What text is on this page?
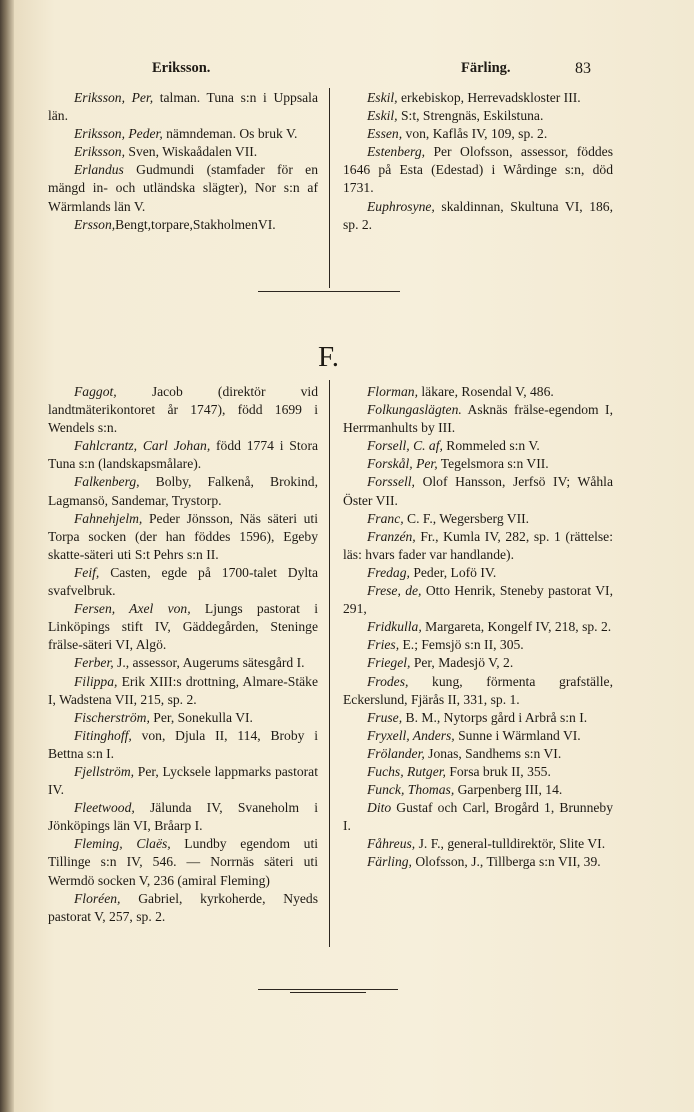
Eriksson.	Färling.	83

Eriksson, Per, talman. Tuna s:n i Uppsala län.

Eriksson, Peder, nämndeman. Os bruk V.

Eriksson, Sven, Wiskaådalen VII.

Erlandus Gudmundi (stamfader för en mängd in- och utländska slägter), Nor s:n af Wärmlands län V.

Ersson,Bengt,torpare,StakholmenVI.

Eskil, erkebiskop, Herrevadskloster III.

Eskil, S:t, Strengnäs, Eskilstuna.

Essen, von, Kaflås IV, 109, sp. 2.

Estenberg, Per Olofsson, assessor, föddes 1646 på Esta (Edestad) i Wårdinge s:n, död 1731.

Euphrosyne, skaldinnan, Skultuna VI, 186, sp. 2.

F.

Faggot, Jacob (direktör vid landtmäterikontoret år 1747), född 1699 i Wendels s:n.

Fahlcrantz, Carl Johan, född 1774 i Stora Tuna s:n (landskapsmålare).

Falkenberg, Bolby, Falkenå, Brokind, Lagmansö, Sandemar, Trystorp.

Fahnehjelm, Peder Jönsson, Näs säteri uti Torpa socken (der han föddes 1596), Egeby skatte-säteri uti S:t Pehrs s:n II.

Feif, Casten, egde på 1700-talet Dylta svafvelbruk.

Fersen, Axel von, Ljungs pastorat i Linköpings stift IV, Gäddegården, Steninge frälse-säteri VI, Algö.

Ferber, J., assessor, Augerums sätesgård I.

Filippa, Erik XIII:s drottning, Almare-Stäke I, Wadstena VII, 215, sp. 2.

Fischerström, Per, Sonekulla VI.

Fitinghoff, von, Djula II, 114, Broby i Bettna s:n I.

Fjellström, Per, Lycksele lappmarks pastorat IV.

Fleetwood, Jälunda IV, Svaneholm i Jönköpings län VI, Bråarp I.

Fleming, Claës, Lundby egendom uti Tillinge s:n IV, 546. — Norrnäs säteri uti Wermdö socken V, 236 (amiral Fleming)

Floréen, Gabriel, kyrkoherde, Nyeds pastorat V, 257, sp. 2.

Florman, läkare, Rosendal V, 486.

Folkungaslägten. Asknäs frälse-egendom I, Herrmanhults by III.

Forsell, C. af, Rommeled s:n V.

Forskål, Per, Tegelsmora s:n VII.

Forssell, Olof Hansson, Jerfsö IV; Wåhla Öster VII.

Franc, C. F., Wegersberg VII.

Franzén, Fr., Kumla IV, 282, sp. 1 (rättelse: läs: hvars fader var handlande).

Fredag, Peder, Lofö IV.

Frese, de, Otto Henrik, Steneby pastorat VI, 291,

Fridkulla, Margareta, Kongelf IV, 218, sp. 2.

Fries, E.; Femsjö s:n II, 305.

Friegel, Per, Madesjö V, 2.

Frodes, kung, förmenta grafställe, Eckerslund, Fjärås II, 331, sp. 1.

Fruse, B. M., Nytorps gård i Arbrå s:n I.

Fryxell, Anders, Sunne i Wärmland VI.

Frölander, Jonas, Sandhems s:n VI.

Fuchs, Rutger, Forsa bruk II, 355.

Funck, Thomas, Garpenberg III, 14.

Dito Gustaf och Carl, Brogård 1, Brunneby I.

Fåhreus, J. F., general-tulldirektör, Slite VI.

Färling, Olofsson, J., Tillberga s:n VII, 39.
